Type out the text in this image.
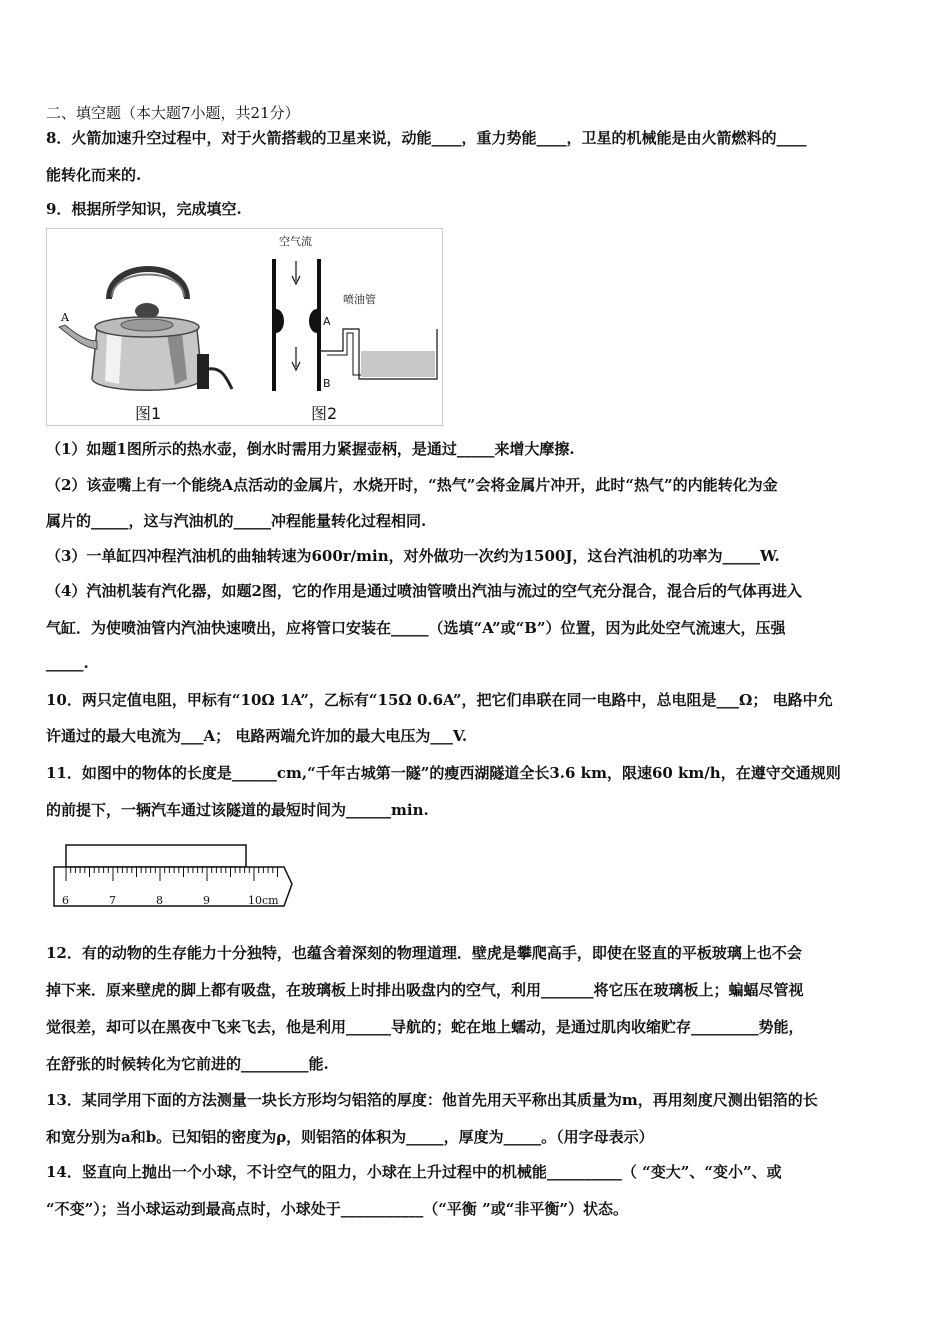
二、填空题（本大题7小题，共21分）
8．火箭加速升空过程中，对于火箭搭载的卫星来说，动能____，重力势能____，卫星的机械能是由火箭燃料的____
能转化而来的.
9．根据所学知识，完成填空.
A
图1
空气流
A
B
喷油管
图2
（1）如题1图所示的热水壶，倒水时需用力紧握壶柄，是通过_____来增大摩擦.
（2）该壶嘴上有一个能绕A点活动的金属片，水烧开时，“热气”会将金属片冲开，此时“热气”的内能转化为金
属片的_____，这与汽油机的_____冲程能量转化过程相同.
（3）一单缸四冲程汽油机的曲轴转速为600r/min，对外做功一次约为1500J，这台汽油机的功率为_____W.
（4）汽油机装有汽化器，如题2图，它的作用是通过喷油管喷出汽油与流过的空气充分混合，混合后的气体再进入
气缸．为使喷油管内汽油快速喷出，应将管口安装在_____（选填“A”或“B”）位置，因为此处空气流速大，压强
_____.
10．两只定值电阻，甲标有“10Ω 1A”，乙标有“15Ω 0.6A”，把它们串联在同一电路中，总电阻是___Ω； 电路中允
许通过的最大电流为___A； 电路两端允许加的最大电压为___V.
11．如图中的物体的长度是______cm,“千年古城第一隧”的瘦西湖隧道全长3.6 km，限速60 km/h，在遵守交通规则
的前提下，一辆汽车通过该隧道的最短时间为______min.
6	7	8	9	10cm
12．有的动物的生存能力十分独特，也蕴含着深刻的物理道理．壁虎是攀爬高手，即使在竖直的平板玻璃上也不会
掉下来．原来壁虎的脚上都有吸盘，在玻璃板上时排出吸盘内的空气，利用_______将它压在玻璃板上；蝙蝠尽管视
觉很差，却可以在黑夜中飞来飞去，他是利用______导航的；蛇在地上蠕动，是通过肌肉收缩贮存_________势能，
在舒张的时候转化为它前进的_________能.
13．某同学用下面的方法测量一块长方形均匀铝箔的厚度：他首先用天平称出其质量为m，再用刻度尺测出铝箔的长
和宽分别为a和b。已知铝的密度为ρ，则铝箔的体积为_____，厚度为_____。（用字母表示）
14．竖直向上抛出一个小球，不计空气的阻力，小球在上升过程中的机械能__________（ “变大”、“变小”、或
“不变”）；当小球运动到最高点时，小球处于___________（“平衡 ”或“非平衡”）状态。
